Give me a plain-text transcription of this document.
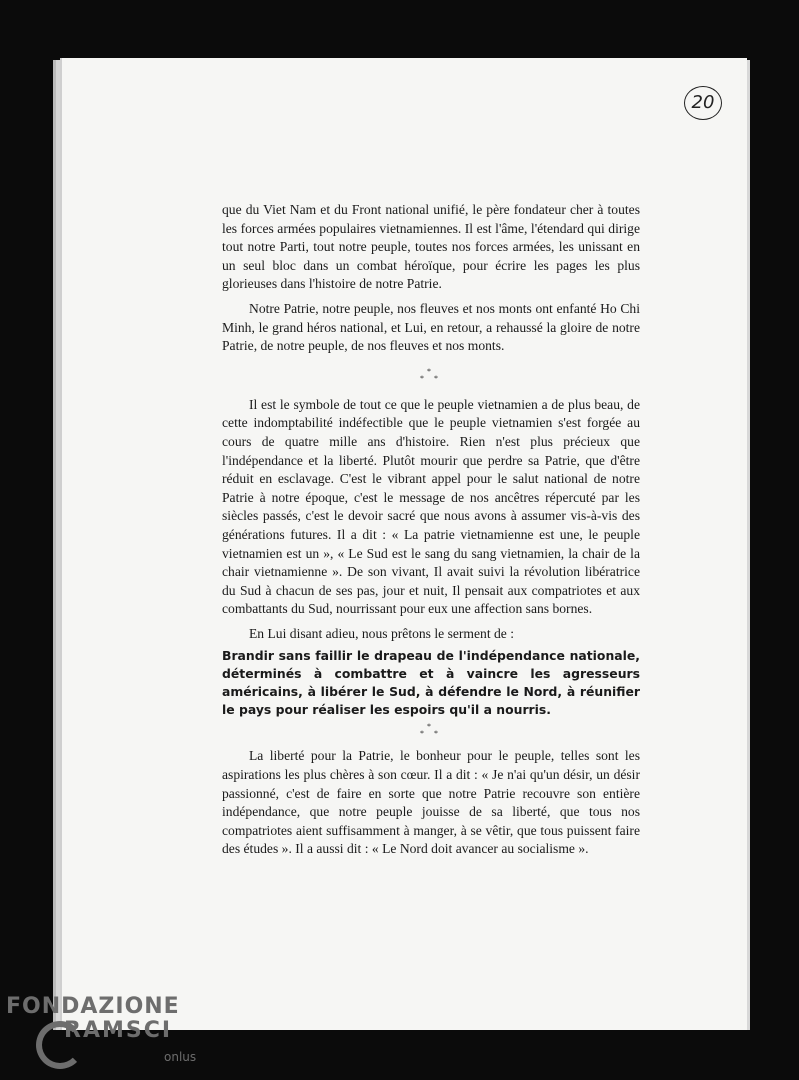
20

que du Viet Nam et du Front national unifié, le père fondateur cher à toutes les forces armées populaires vietnamiennes. Il est l'âme, l'étendard qui dirige tout notre Parti, tout notre peuple, toutes nos forces armées, les unissant en un seul bloc dans un combat héroïque, pour écrire les pages les plus glorieuses dans l'histoire de notre Patrie.

Notre Patrie, notre peuple, nos fleuves et nos monts ont enfanté Ho Chi Minh, le grand héros national, et Lui, en retour, a rehaussé la gloire de notre Patrie, de notre peuple, de nos fleuves et nos monts.

*
* *

Il est le symbole de tout ce que le peuple vietnamien a de plus beau, de cette indomptabilité indéfectible que le peuple vietnamien s'est forgée au cours de quatre mille ans d'histoire. Rien n'est plus précieux que l'indépendance et la liberté. Plutôt mourir que perdre sa Patrie, que d'être réduit en esclavage. C'est le vibrant appel pour le salut national de notre Patrie à notre époque, c'est le message de nos ancêtres répercuté par les siècles passés, c'est le devoir sacré que nous avons à assumer vis-à-vis des générations futures. Il a dit : « La patrie vietnamienne est une, le peuple vietnamien est un », « Le Sud est le sang du sang vietnamien, la chair de la chair vietnamienne ». De son vivant, Il avait suivi la révolution libératrice du Sud à chacun de ses pas, jour et nuit, Il pensait aux compatriotes et aux combattants du Sud, nourrissant pour eux une affection sans bornes.

En Lui disant adieu, nous prêtons le serment de :

Brandir sans faillir le drapeau de l'indépendance nationale, déterminés à combattre et à vaincre les agresseurs américains, à libérer le Sud, à défendre le Nord, à réunifier le pays pour réaliser les espoirs qu'il a nourris.

*
* *

La liberté pour la Patrie, le bonheur pour le peuple, telles sont les aspirations les plus chères à son cœur. Il a dit : « Je n'ai qu'un désir, un désir passionné, c'est de faire en sorte que notre Patrie recouvre son entière indépendance, que notre peuple jouisse de sa liberté, que tous nos compatriotes aient suffisamment à manger, à se vêtir, que tous puissent faire des études ». Il a aussi dit : « Le Nord doit avancer au socialisme ».

FONDAZIONE
RAMSCI
onlus
